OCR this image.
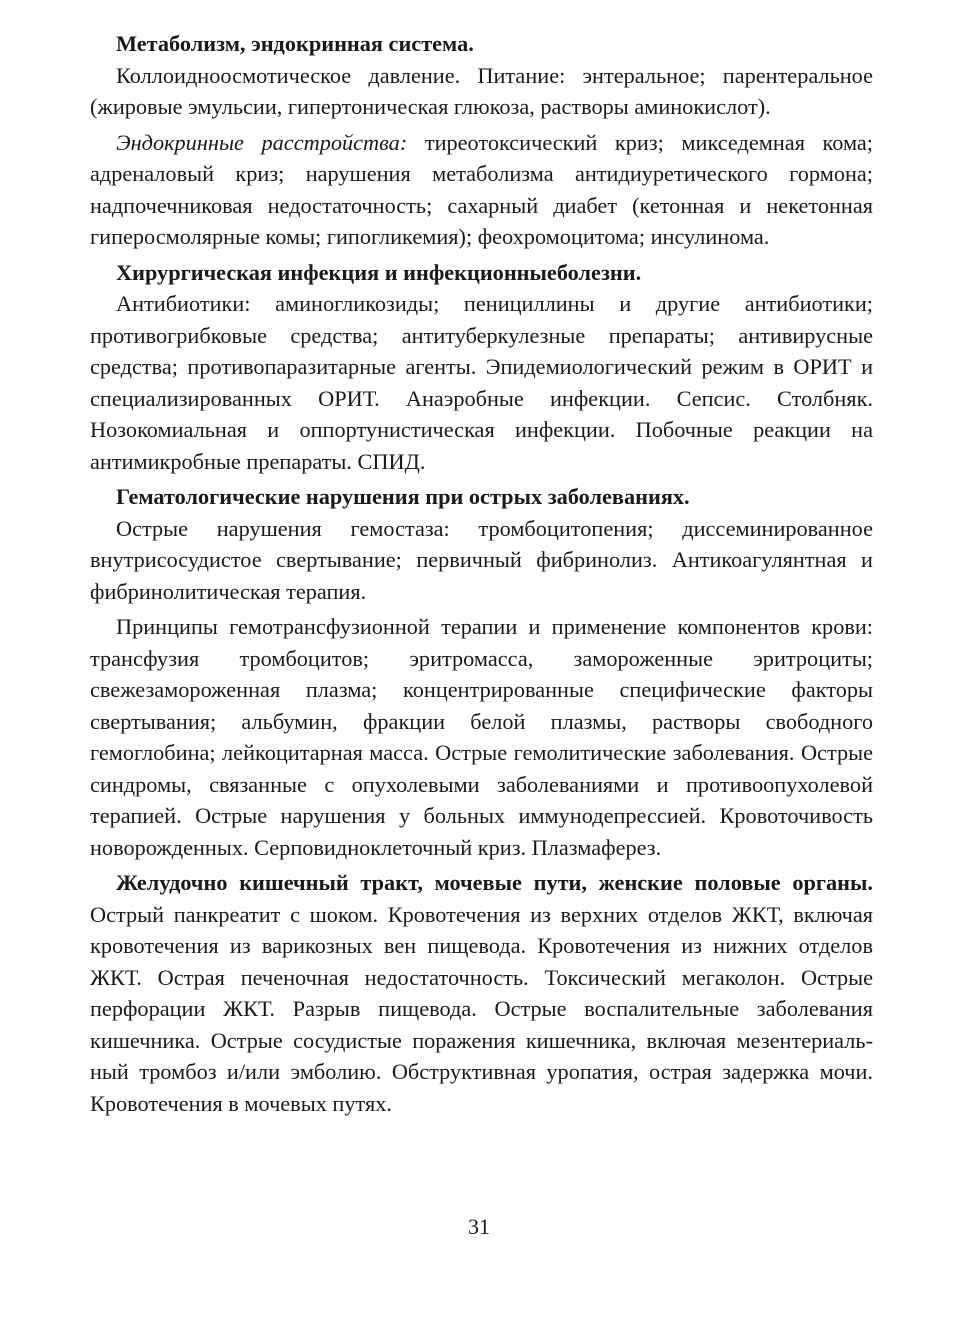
Метаболизм, эндокринная система.

Коллоидноосмотическое давление. Питание: энтеральное; парентеральное (жировые эмульсии, гипертоническая глюкоза, растворы аминокислот).

Эндокринные расстройства: тиреотоксический криз; микседемная кома; адреналовый криз; нарушения метаболизма антидиуретического гормона; надпочечниковая недостаточность; сахарный диабет (кетонная и некетонная гиперосмолярные комы; гипогликемия); феохромоцитома; инсулинома.

Хирургическая инфекция и инфекционныеболезни.

Антибиотики: аминогликозиды; пенициллины и другие антибиотики; противогрибковые средства; антитуберкулезные препараты; антивирусные средства; противопаразитарные агенты. Эпидемиологический режим в ОРИТ и специализированных ОРИТ. Анаэробные инфекции. Сепсис. Столбняк. Нозокомиальная и оппортунистическая инфекции. Побочные реакции на антимикробные препараты. СПИД.

Гематологические нарушения при острых заболеваниях.

Острые нарушения гемостаза: тромбоцитопения; диссеминированное внутрисосудистое свертывание; первичный фибринолиз. Антикоагулянтная и фибринолитическая терапия.

Принципы гемотрансфузионной терапии и применение компонентов крови: трансфузия тромбоцитов; эритромасса, замороженные эритроциты; свежезамороженная плазма; концентрированные специфические факторы свертывания; альбумин, фракции белой плазмы, растворы свободного гемоглобина; лейкоцитарная масса. Острые гемолитические заболевания. Острые синдромы, связанные с опухолевыми заболеваниями и противоопухолевой терапией. Острые нарушения у больных иммунодепрессией. Кровоточивость новорожденных. Серповидноклеточный криз. Плазмаферез.

Желудочно кишечный тракт, мочевые пути, женские половые органы. Острый панкреатит с шоком. Кровотечения из верхних отделов ЖКТ, включая кровотечения из варикозных вен пищевода. Кровотечения из нижних отделов ЖКТ. Острая печеночная недостаточность. Токсический мегаколон. Острые перфорации ЖКТ. Разрыв пищевода. Острые воспалительные заболевания кишечника. Острые сосудистые поражения кишечника, включая мезентериаль-ный тромбоз и/или эмболию. Обструктивная уропатия, острая задержка мочи. Кровотечения в мочевых путях.

31
